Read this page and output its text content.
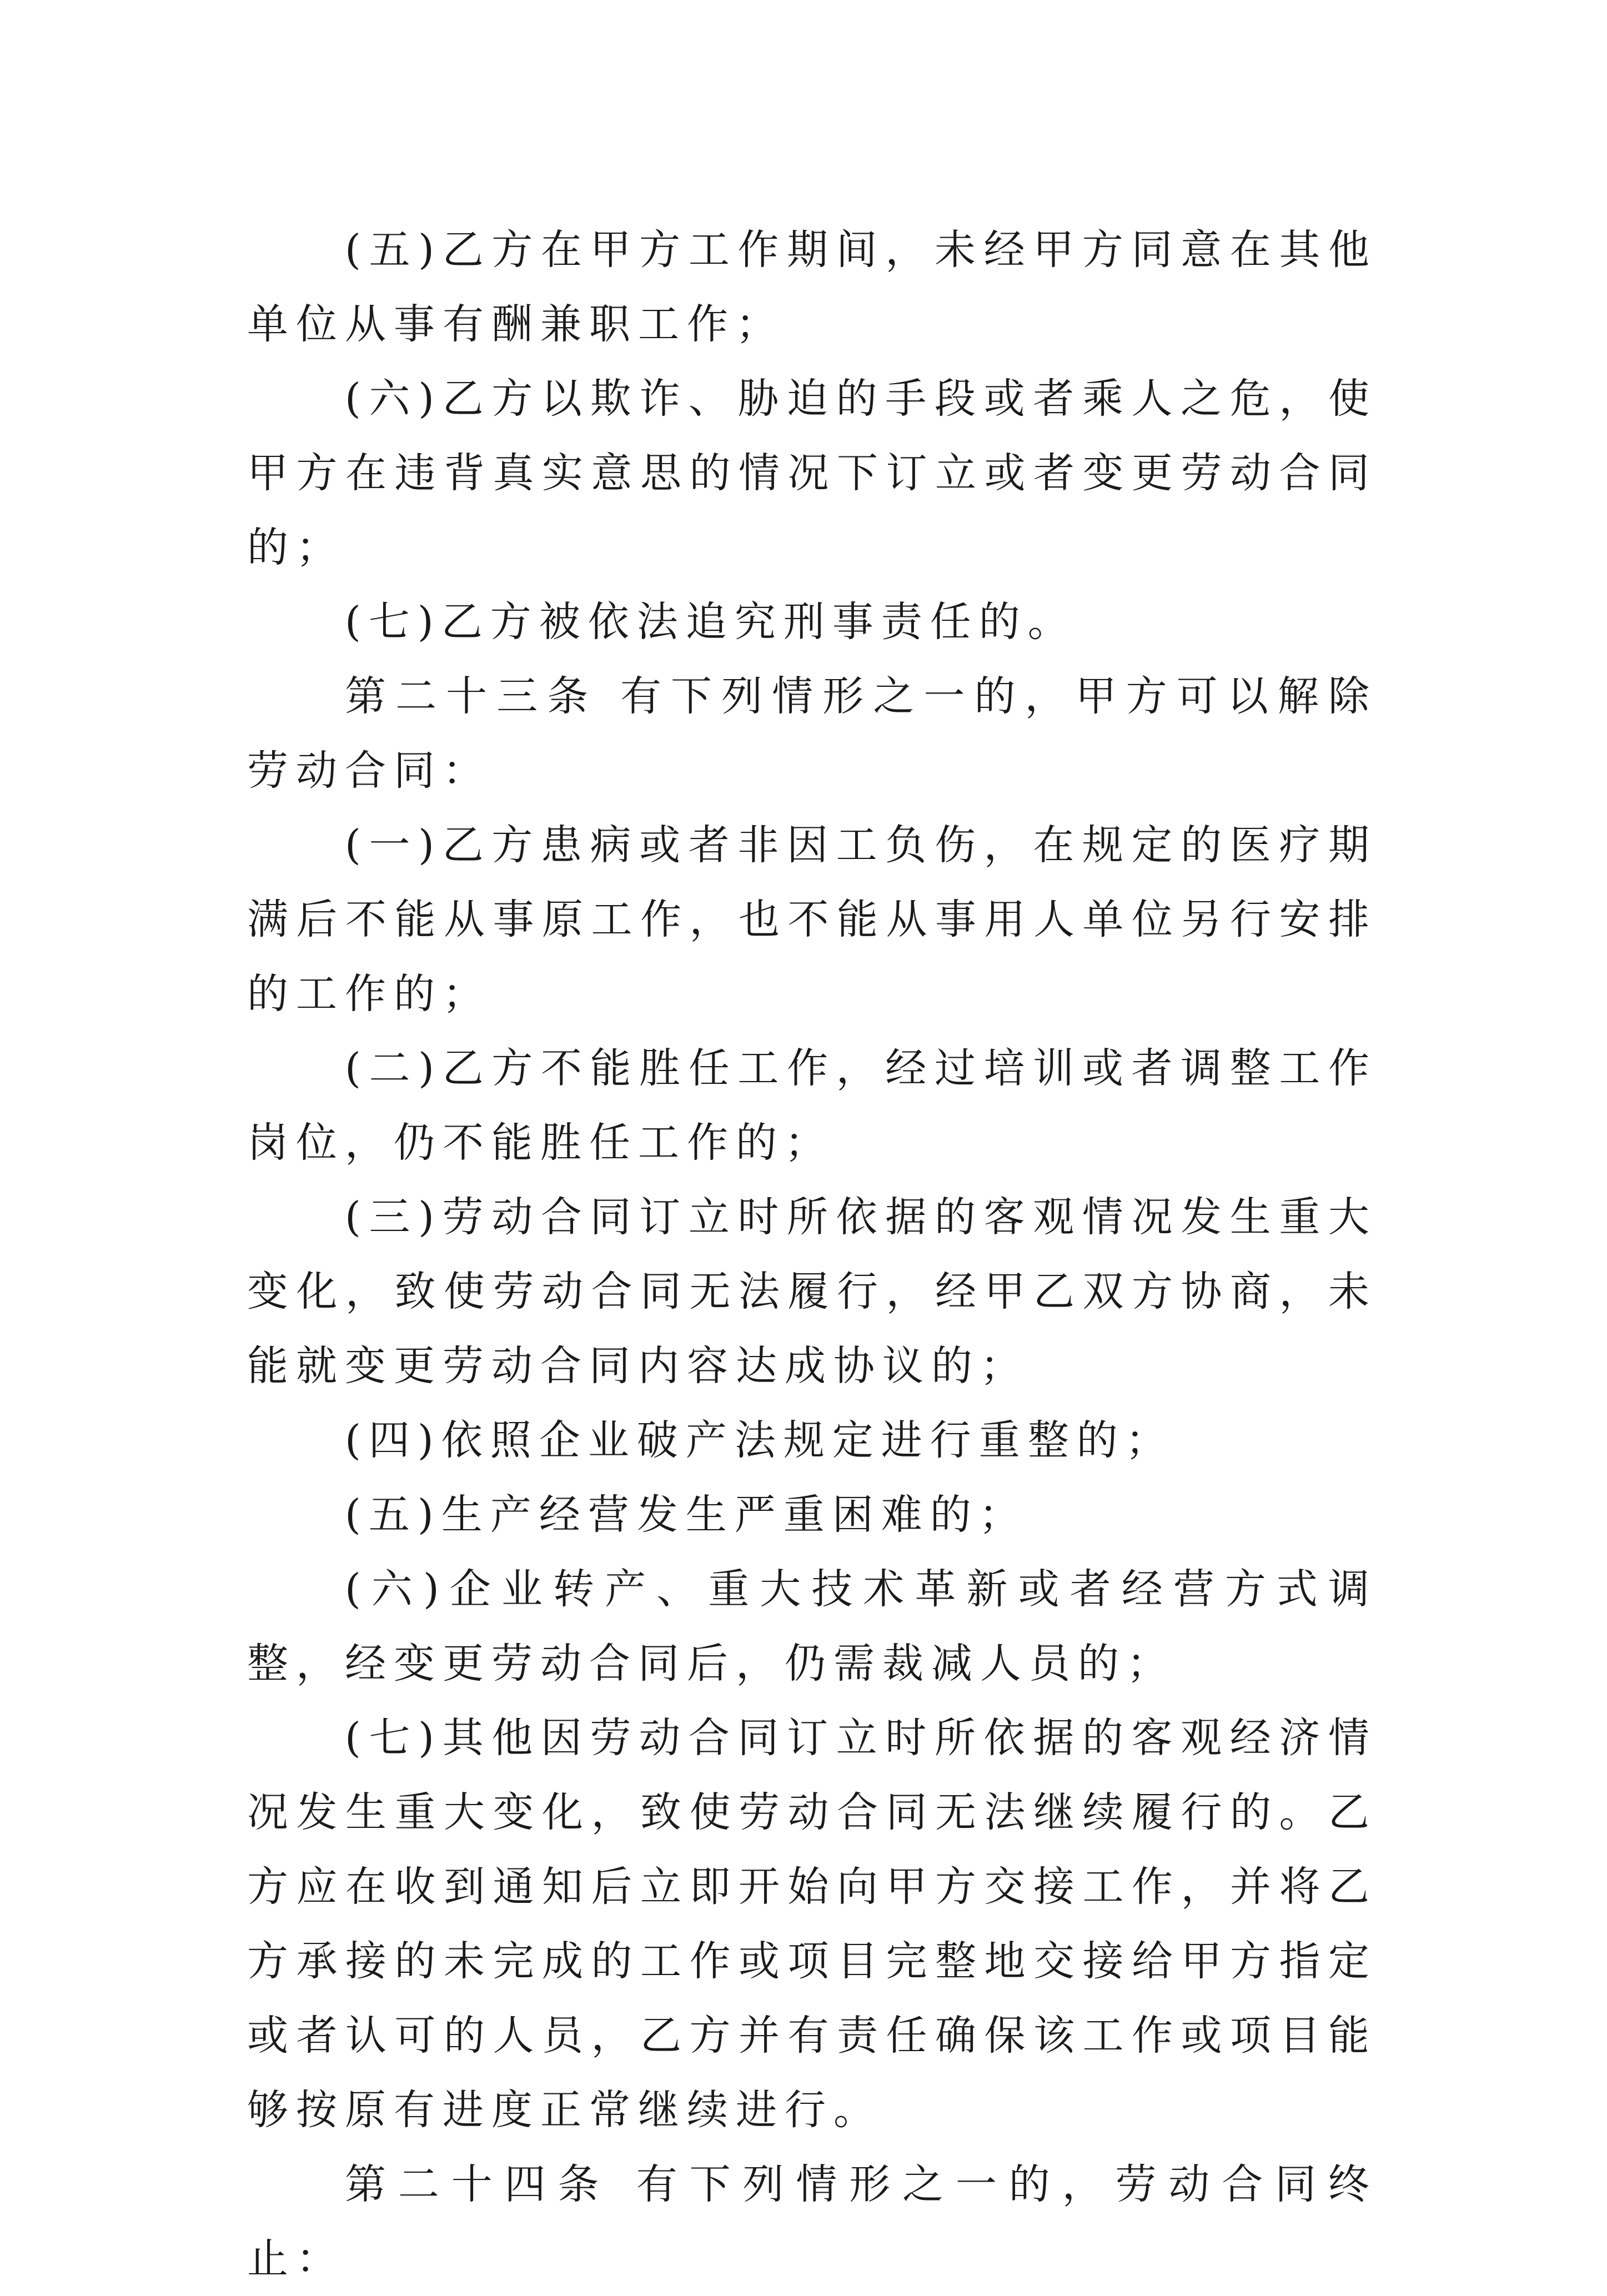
(五)乙方在甲方工作期间，未经甲方同意在其他单位从事有酬兼职工作；

(六)乙方以欺诈、胁迫的手段或者乘人之危，使甲方在违背真实意思的情况下订立或者变更劳动合同的；

(七)乙方被依法追究刑事责任的。

第二十三条 有下列情形之一的，甲方可以解除劳动合同：

(一)乙方患病或者非因工负伤，在规定的医疗期满后不能从事原工作，也不能从事用人单位另行安排的工作的；

(二)乙方不能胜任工作，经过培训或者调整工作岗位，仍不能胜任工作的；

(三)劳动合同订立时所依据的客观情况发生重大变化，致使劳动合同无法履行，经甲乙双方协商，未能就变更劳动合同内容达成协议的；

(四)依照企业破产法规定进行重整的；

(五)生产经营发生严重困难的；

(六)企业转产、重大技术革新或者经营方式调整，经变更劳动合同后，仍需裁减人员的；

(七)其他因劳动合同订立时所依据的客观经济情况发生重大变化，致使劳动合同无法继续履行的。乙方应在收到通知后立即开始向甲方交接工作，并将乙方承接的未完成的工作或项目完整地交接给甲方指定或者认可的人员，乙方并有责任确保该工作或项目能够按原有进度正常继续进行。

第二十四条 有下列情形之一的，劳动合同终止：
